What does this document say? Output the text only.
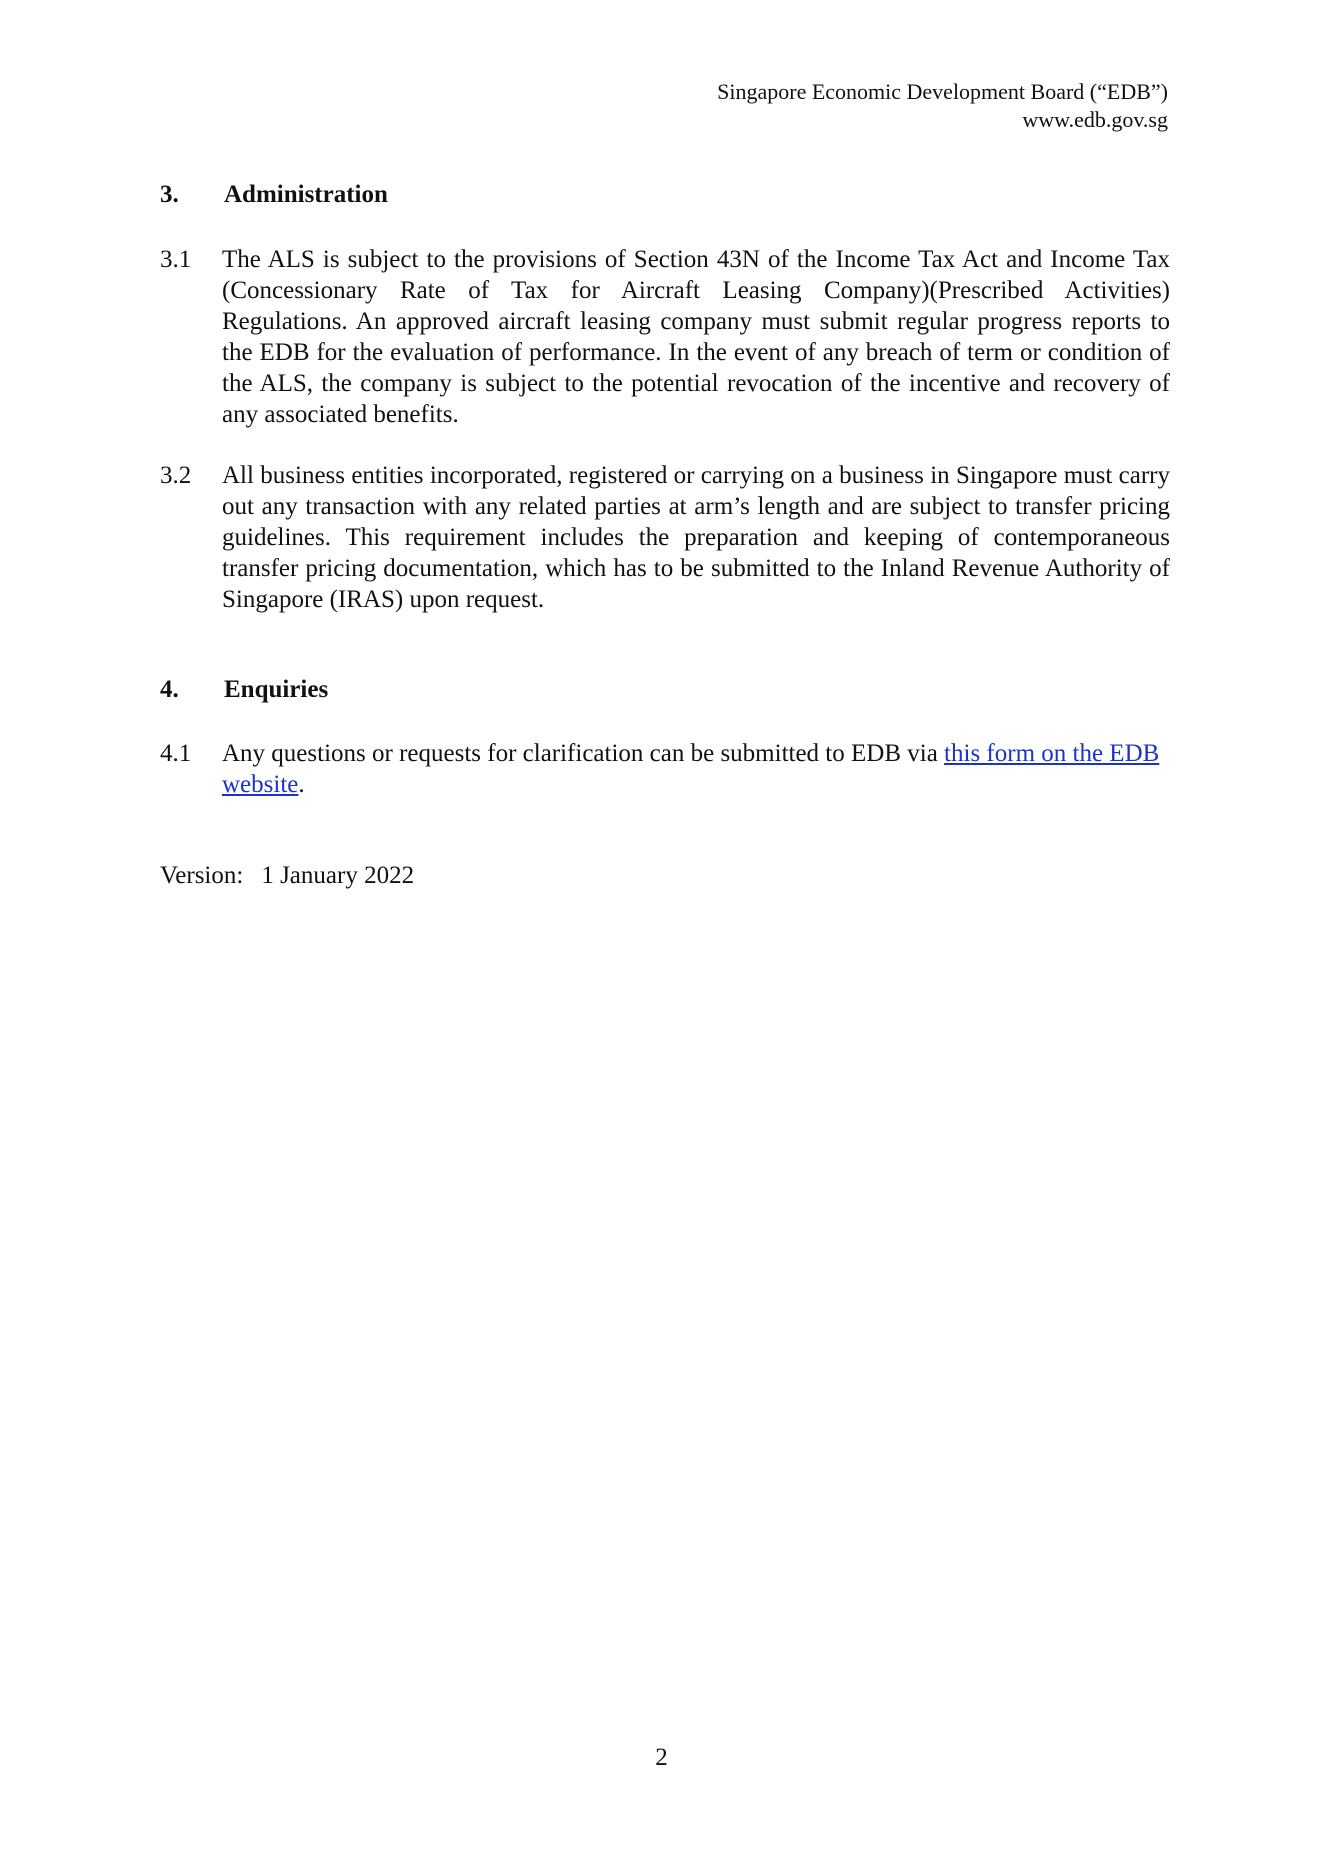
Singapore Economic Development Board (“EDB”)
www.edb.gov.sg
3. Administration
3.1	The ALS is subject to the provisions of Section 43N of the Income Tax Act and Income Tax (Concessionary Rate of Tax for Aircraft Leasing Company)(Prescribed Activities) Regulations. An approved aircraft leasing company must submit regular progress reports to the EDB for the evaluation of performance. In the event of any breach of term or condition of the ALS, the company is subject to the potential revocation of the incentive and recovery of any associated benefits.
3.2	All business entities incorporated, registered or carrying on a business in Singapore must carry out any transaction with any related parties at arm’s length and are subject to transfer pricing guidelines. This requirement includes the preparation and keeping of contemporaneous transfer pricing documentation, which has to be submitted to the Inland Revenue Authority of Singapore (IRAS) upon request.
4. Enquiries
4.1	Any questions or requests for clarification can be submitted to EDB via this form on the EDB website.
Version: 1 January 2022
2
